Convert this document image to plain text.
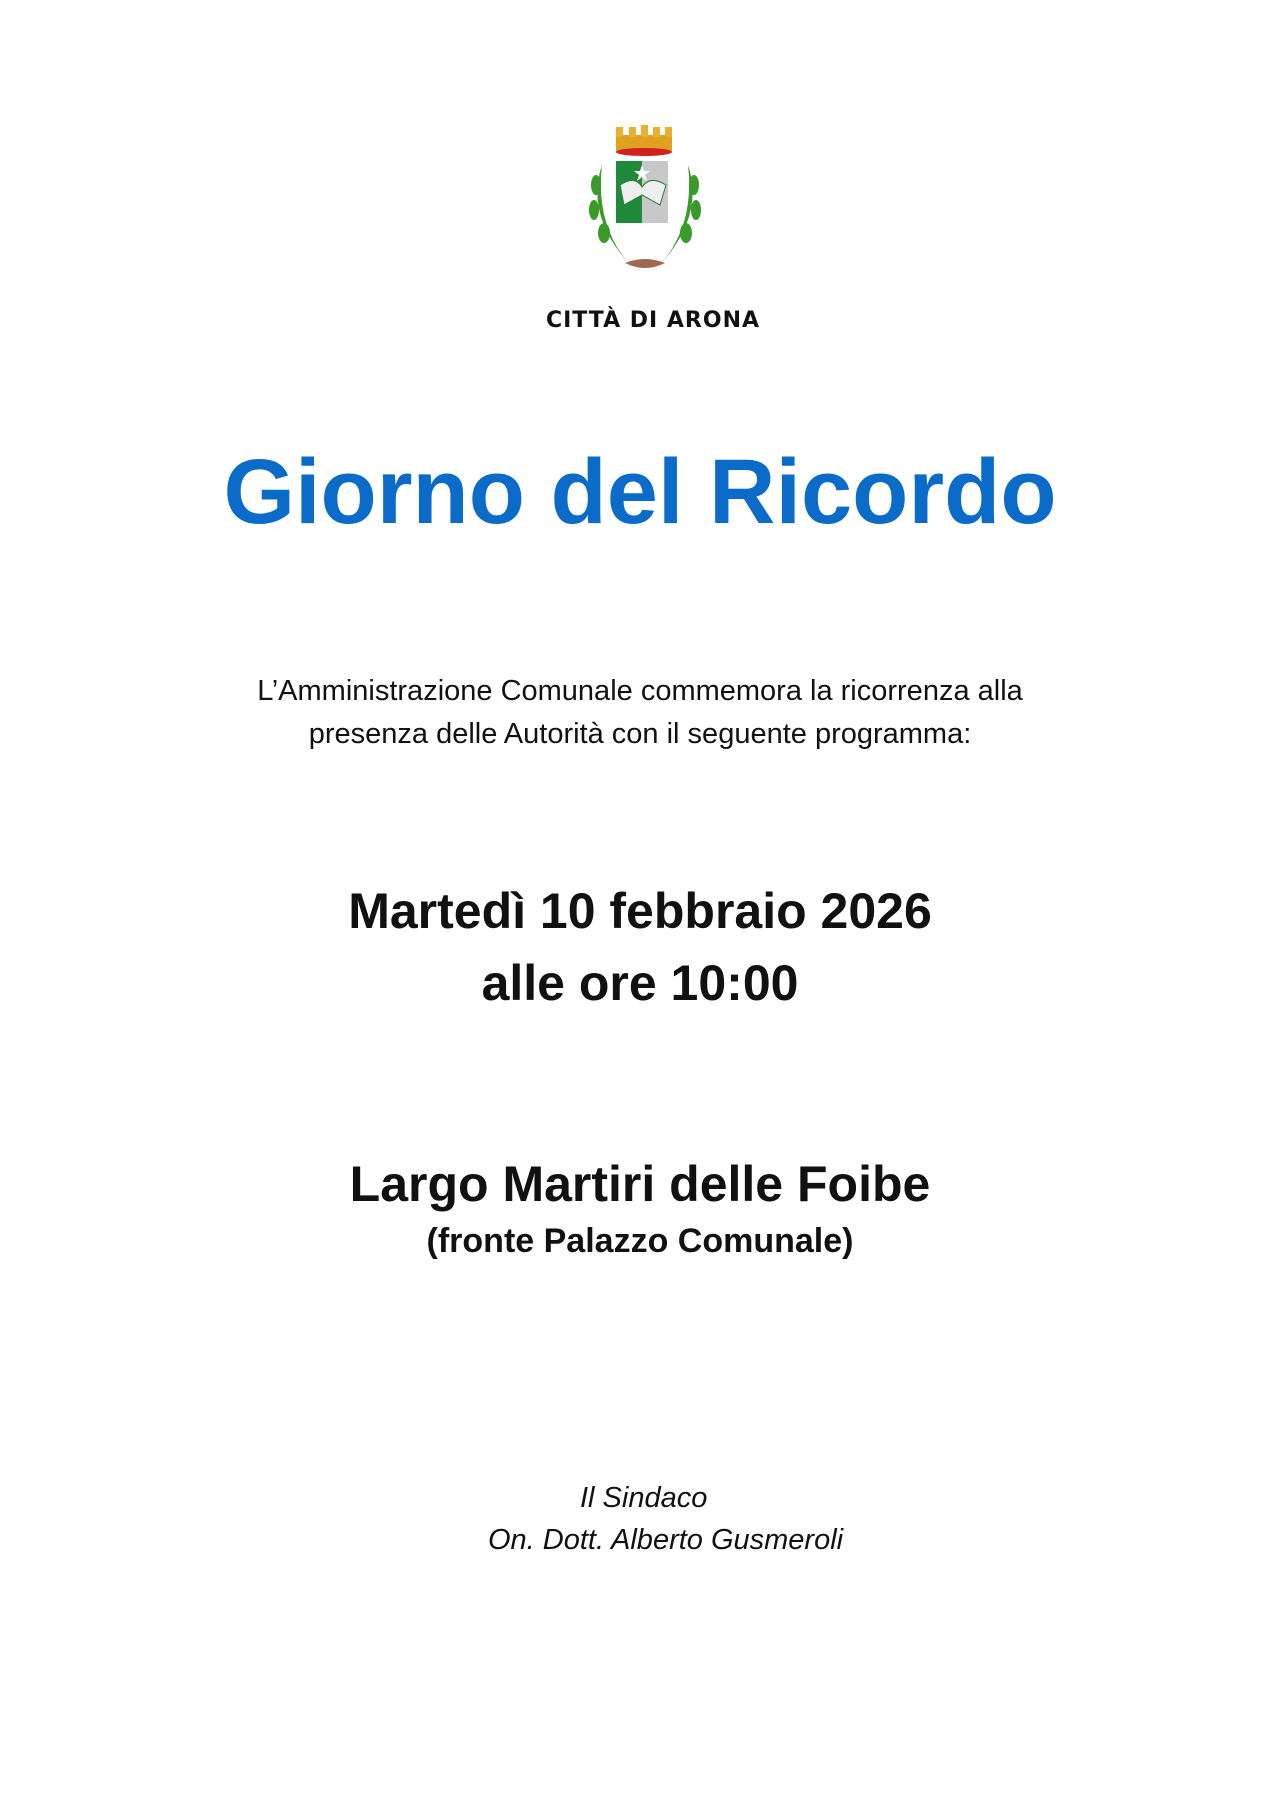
CITTÀ DI ARONA
Giorno del Ricordo
L’Amministrazione Comunale commemora la ricorrenza alla
presenza delle Autorità con il seguente programma:
Martedì 10 febbraio 2026
alle ore 10:00
Largo Martiri delle Foibe
(fronte Palazzo Comunale)
Il Sindaco
On. Dott. Alberto Gusmeroli
